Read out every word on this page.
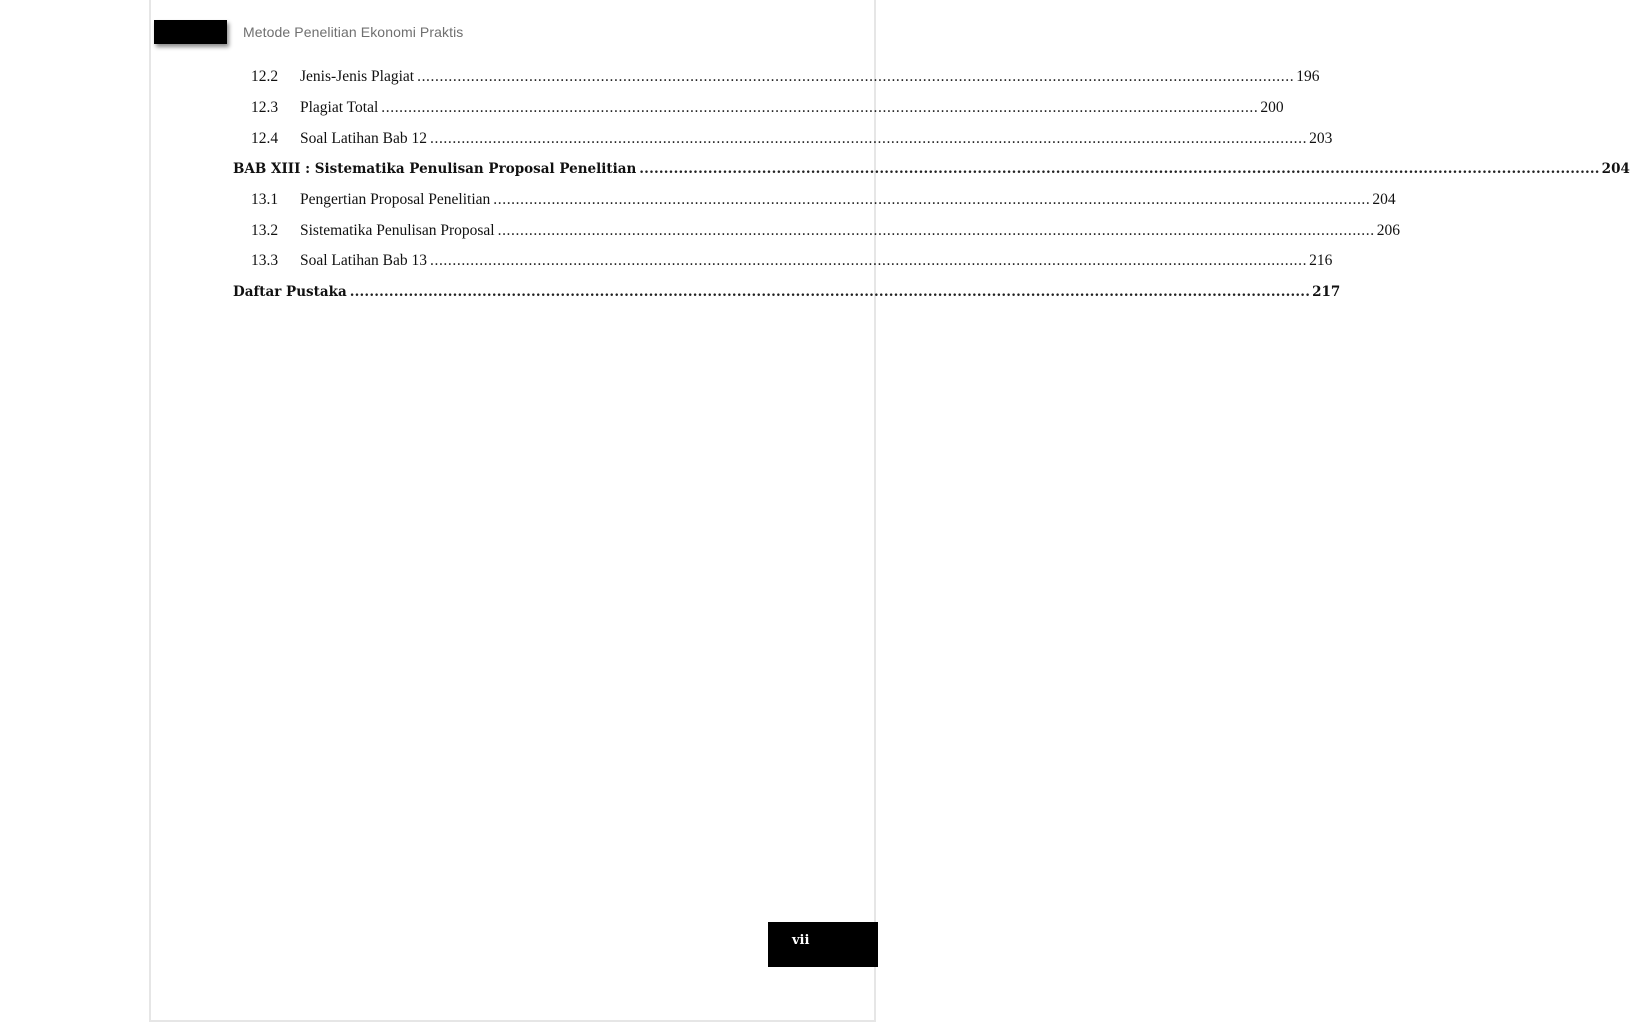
Metode Penelitian Ekonomi Praktis
12.2	Jenis-Jenis Plagiat .................................................................................................................................................................................................... 196
12.3	Plagiat Total .................................................................................................................................................................................................... 200
12.4	Soal Latihan Bab 12 .................................................................................................................................................................................................... 203
BAB XIII : Sistematika Penulisan Proposal Penelitian .................................................................................................................................................................................................... 204
13.1	Pengertian Proposal Penelitian .................................................................................................................................................................................................... 204
13.2	Sistematika Penulisan Proposal .................................................................................................................................................................................................... 206
13.3	Soal Latihan Bab 13 .................................................................................................................................................................................................... 216
Daftar Pustaka .................................................................................................................................................................................................... 217
vii
